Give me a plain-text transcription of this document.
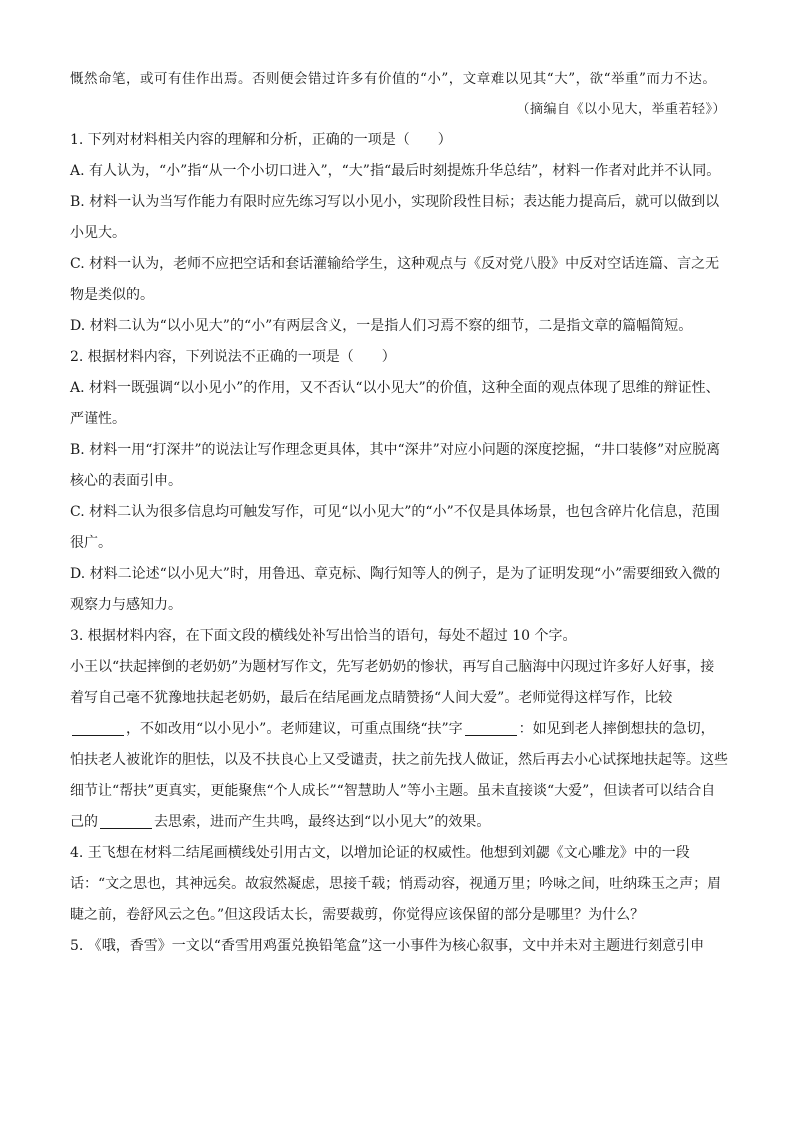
慨然命笔，或可有佳作出焉。否则便会错过许多有价值的“小”，文章难以见其“大”，欲“举重”而力不达。

（摘编自《以小见大，举重若轻》）

1. 下列对材料相关内容的理解和分析，正确的一项是（　　）

A. 有人认为，“小”指“从一个小切口进入”，“大”指“最后时刻提炼升华总结”，材料一作者对此并不认同。

B. 材料一认为当写作能力有限时应先练习写以小见小，实现阶段性目标；表达能力提高后，就可以做到以小见大。

C. 材料一认为，老师不应把空话和套话灌输给学生，这种观点与《反对党八股》中反对空话连篇、言之无物是类似的。

D. 材料二认为“以小见大”的“小”有两层含义，一是指人们习焉不察的细节，二是指文章的篇幅简短。

2. 根据材料内容，下列说法不正确的一项是（　　）

A. 材料一既强调“以小见小”的作用，又不否认“以小见大”的价值，这种全面的观点体现了思维的辩证性、严谨性。

B. 材料一用“打深井”的说法让写作理念更具体，其中“深井”对应小问题的深度挖掘，“井口装修”对应脱离核心的表面引申。

C. 材料二认为很多信息均可触发写作，可见“以小见大”的“小”不仅是具体场景，也包含碎片化信息，范围很广。

D. 材料二论述“以小见大”时，用鲁迅、章克标、陶行知等人的例子，是为了证明发现“小”需要细致入微的观察力与感知力。

3. 根据材料内容，在下面文段的横线处补写出恰当的语句，每处不超过 10 个字。

小王以“扶起摔倒的老奶奶”为题材写作文，先写老奶奶的惨状，再写自己脑海中闪现过许多好人好事，接着写自己毫不犹豫地扶起老奶奶，最后在结尾画龙点睛赞扬“人间大爱”。老师觉得这样写作，比较，不如改用“以小见小”。老师建议，可重点围绕“扶”字	：如见到老人摔倒想扶的急切，怕扶老人被讹诈的胆怯，以及不扶良心上又受谴责，扶之前先找人做证，然后再去小心试探地扶起等。这些细节让“帮扶”更真实，更能聚焦“个人成长”“智慧助人”等小主题。虽未直接谈“大爱”，但读者可以结合自己的	去思索，进而产生共鸣，最终达到“以小见大”的效果。

4. 王飞想在材料二结尾画横线处引用古文，以增加论证的权威性。他想到刘勰《文心雕龙》中的一段话：“文之思也，其神远矣。故寂然凝虑，思接千载；悄焉动容，视通万里；吟咏之间，吐纳珠玉之声；眉睫之前，卷舒风云之色。”但这段话太长，需要裁剪，你觉得应该保留的部分是哪里？为什么？

5. 《哦，香雪》一文以“香雪用鸡蛋兑换铅笔盒”这一小事件为核心叙事，文中并未对主题进行刻意引申
